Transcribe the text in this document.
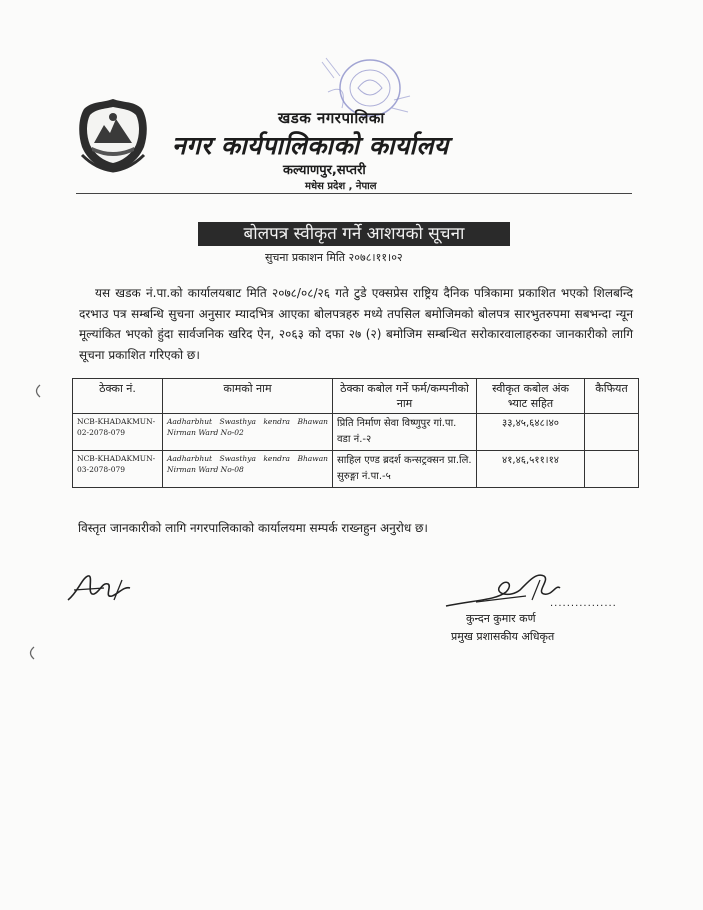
खडक नगरपालिका
नगर कार्यपालिकाको कार्यालय
कल्याणपुर,सप्तरी
मधेस प्रदेश , नेपाल
बोलपत्र स्वीकृत गर्ने आशयको सूचना
सुचना प्रकाशन मिति २०७८।११।०२
यस खडक नं.पा.को कार्यालयबाट मिति २०७८/०८/२६ गते टुडे एक्सप्रेस राष्ट्रिय दैनिक पत्रिकामा प्रकाशित भएको शिलबन्दि दरभाउ पत्र सम्बन्धि सुचना अनुसार म्यादभित्र आएका बोलपत्रहरु मध्ये तपसिल बमोजिमको बोलपत्र सारभुतरुपमा सबभन्दा न्यून मूल्यांकित भएको हुंदा सार्वजनिक खरिद ऐन, २०६३ को दफा २७ (२) बमोजिम सम्बन्धित सरोकारवालाहरुका जानकारीको लागि सूचना प्रकाशित गरिएको छ।
ठेक्का नं.	कामको नाम	ठेक्का कबोल गर्ने फर्म/कम्पनीको नाम	स्वीकृत कबोल अंक भ्याट सहित	कैफियत
NCB-KHADAKMUN-02-2078-079	Aadharbhut Swasthya kendra Bhawan Nirman Ward No-02	प्रिति निर्माण सेवा विष्णुपुर गां.पा. वडा नं.-२	३३,४५,६४८।४०	
NCB-KHADAKMUN-03-2078-079	Aadharbhut Swasthya kendra Bhawan Nirman Ward No-08	साहिल एण्ड ब्रदर्श कन्सट्रक्सन प्रा.लि. सुरुङ्गा नं.पा.-५	४१,४६,५११।१४	
विस्तृत जानकारीको लागि नगरपालिकाको कार्यालयमा सम्पर्क राख्नहुन अनुरोध छ।
................
कुन्दन कुमार कर्ण
प्रमुख प्रशासकीय अधिकृत
